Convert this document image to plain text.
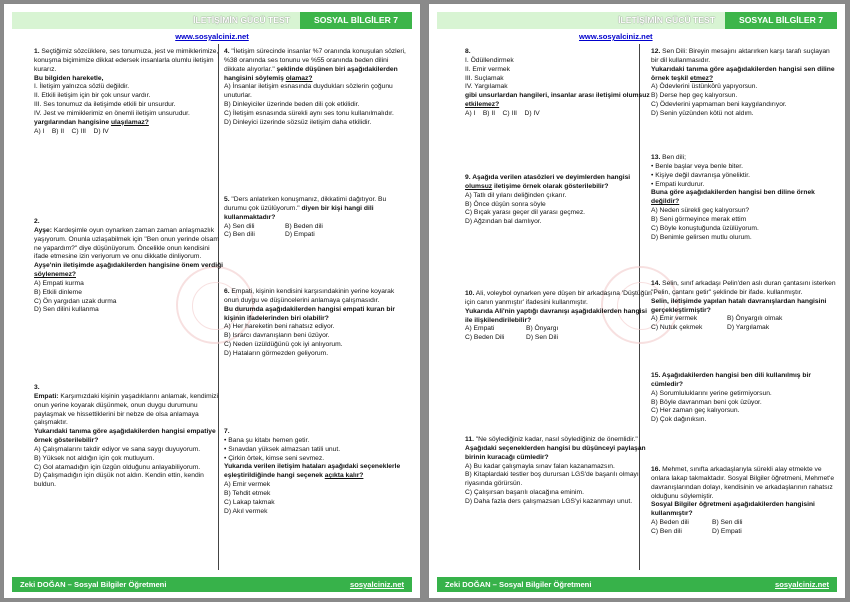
İLETİŞİMİN GÜCÜ TEST	SOSYAL BİLGİLER 7
www.sosyalciniz.net

1. Seçtiğimiz sözcüklere, ses tonumuza, jest ve mimiklerimize, konuşma biçimimize dikkat edersek insanlarla olumlu iletişim kurarız.

Bu bilgiden hareketle,

I. İletişim yalnızca sözlü değildir.

II. Etkili iletişim için bir çok unsur vardır.

III. Ses tonumuz da iletişimde etkili bir unsurdur.

IV. Jest ve mimiklerimiz en önemli iletişim unsurudur.

yargılarından hangisine ulaşılamaz?

A) I B) II C) III D) IV

2.

Ayşe: Kardeşimle oyun oynarken zaman zaman anlaşmazlık yaşıyorum. Onunla uzlaşabilmek için "Ben onun yerinde olsam ne yapardım?" diye düşünüyorum. Öncelikle onun kendisini ifade etmesine izin veriyorum ve onu dikkatle dinliyorum.

Ayşe'nin iletişimde aşağıdakilerden hangisine önem verdiği söylenemez?

A) Empati kurma

B) Etkili dinleme

C) Ön yargıdan uzak durma

D) Sen dilini kullanma

3.

Empati: Karşımızdaki kişinin yaşadıklarını anlamak, kendimizi onun yerine koyarak düşünmek, onun duygu durumunu paylaşmak ve hissettiklerini bir nebze de olsa anlamaya çalışmaktır.

Yukarıdaki tanıma göre aşağıdakilerden hangisi empatiye örnek gösterilebilir?

A) Çalışmalarını takdir ediyor ve sana saygı duyuyorum.

B) Yüksek not aldığın için çok mutluyum.

C) Gol atamadığın için üzgün olduğunu anlayabiliyorum.

D) Çalışmadığın için düşük not aldın. Kendin ettin, kendin buldun.

4. "İletişim sürecinde insanlar %7 oranında konuşulan sözleri, %38 oranında ses tonunu ve %55 oranında beden dilini dikkate alıyorlar." şeklinde düşünen biri aşağıdakilerden hangisini söylemiş olamaz?

A) İnsanlar iletişim esnasında duydukları sözlerin çoğunu unuturlar.

B) Dinleyiciler üzerinde beden dili çok etkilidir.

C) İletişim esnasında sürekli aynı ses tonu kullanılmalıdır.

D) Dinleyici üzerinde sözsüz iletişim daha etkilidir.

5. "Ders anlatırken konuşmanız, dikkatimi dağıtıyor. Bu durumu çok üzülüyorum." diyen bir kişi hangi dili kullanmaktadır?

A) Sen dili	B) Beden dili
C) Ben dili	D) Empati

6. Empati, kişinin kendisini karşısındakinin yerine koyarak onun duygu ve düşüncelerini anlamaya çalışmasıdır.

Bu durumda aşağıdakilerden hangisi empati kuran bir kişinin ifadelerinden biri olabilir?

A) Her hareketin beni rahatsız ediyor.

B) Israrcı davranışların beni üzüyor.

C) Neden üzüldüğünü çok iyi anlıyorum.

D) Hataların görmezden geliyorum.

7.

• Bana şu kitabı hemen getir.

• Sınavdan yüksek almazsan tatili unut.

• Çirkin örtek, kimse seni sevmez.

Yukarıda verilen iletişim hataları aşağıdaki seçeneklerle eşleştirildiğinde hangi seçenek açıkta kalır?

A) Emir vermek

B) Tehdit etmek

C) Lakap takmak

D) Akıl vermek

Zeki DOĞAN – Sosyal Bilgiler Öğretmeni	sosyalciniz.net
İLETİŞİMİN GÜCÜ TEST	SOSYAL BİLGİLER 7
www.sosyalciniz.net

8.

I. Ödüllendirmek

II. Emir vermek

III. Suçlamak

IV. Yargılamak

gibi unsurlardan hangileri, insanlar arası iletişimi olumsuz etkilemez?

A) I B) II C) III D) IV

9. Aşağıda verilen atasözleri ve deyimlerden hangisi olumsuz iletişime örnek olarak gösterilebilir?

A) Tatlı dil yılanı deliğinden çıkarır.

B) Önce düşün sonra söyle

C) Bıçak yarası geçer dil yarası geçmez.

D) Ağzından bal damlıyor.

10. Ali, voleybol oynarken yere düşen bir arkadaşına 'Düştüğün için canın yanmıştır' ifadesini kullanmıştır.

Yukarıda Ali'nin yaptığı davranışı aşağıdakilerden hangisi ile ilişkilendirilebilir?

A) Empati	B) Önyargı
C) Beden Dili	D) Sen Dili

11. "Ne söylediğiniz kadar, nasıl söylediğiniz de önemlidir."

Aşağıdaki seçeneklerden hangisi bu düşünceyi paylaşan birinin kuracağı cümledir?

A) Bu kadar çalışmayla sınav falan kazanamazsın.

B) Kitaplardaki testler boş durursan LGS'de başarılı olmayı riyasında görürsün.

C) Çalışırsan başarılı olacağına eminim.

D) Daha fazla ders çalışmazsan LGS'yi kazanmayı unut.

12. Sen Dili: Bireyin mesajını aktarırken karşı tarafı suçlayan bir dil kullanmasıdır.

Yukarıdaki tanıma göre aşağıdakilerden hangisi sen diline örnek teşkil etmez?

A) Ödevlerini üstünkörü yapıyorsun.

B) Derse hep geç kalıyorsun.

C) Ödevlerini yapmaman beni kaygılandırıyor.

D) Senin yüzünden kötü not aldım.

13. Ben dili;

• Benle başlar veya benle biter.

• Kişiye değil davranışa yöneliktir.

• Empati kurdurur.

Buna göre aşağıdakilerden hangisi ben diline örnek değildir?

A) Neden sürekli geç kalıyorsun?

B) Seni görmeyince merak ettim

C) Böyle konuştuğunda üzülüyorum.

D) Benimle gelirsen mutlu olurum.

14. Selin, sınıf arkadaşı Pelin'den aslı duran çantasını isterken "Pelin, çantanı getir" şeklinde bir ifade. kullanmıştır.

Selin, iletişimde yapılan hatalı davranışlardan hangisini gerçekleştirmiştir?

A) Emir vermek	B) Önyargılı olmak
C) Nutuk çekmek	D) Yargılamak

15. Aşağıdakilerden hangisi ben dili kullanılmış bir cümledir?

A) Sorumluluklarını yerine getirmiyorsun.

B) Böyle davranman beni çok üzüyor.

C) Her zaman geç kalıyorsun.

D) Çok dağınıksın.

16. Mehmet, sınıfta arkadaşlarıyla sürekli alay etmekte ve onlara lakap takmaktadır. Sosyal Bilgiler öğretmeni, Mehmet'e davranışlarından dolayı, kendisinin ve arkadaşlarının rahatsız olduğunu söylemiştir.

Sosyal Bilgiler öğretmeni aşağıdakilerden hangisini kullanmıştır?

A) Beden dili	B) Sen dili
C) Ben dili	D) Empati
Zeki DOĞAN – Sosyal Bilgiler Öğretmeni	sosyalciniz.net
